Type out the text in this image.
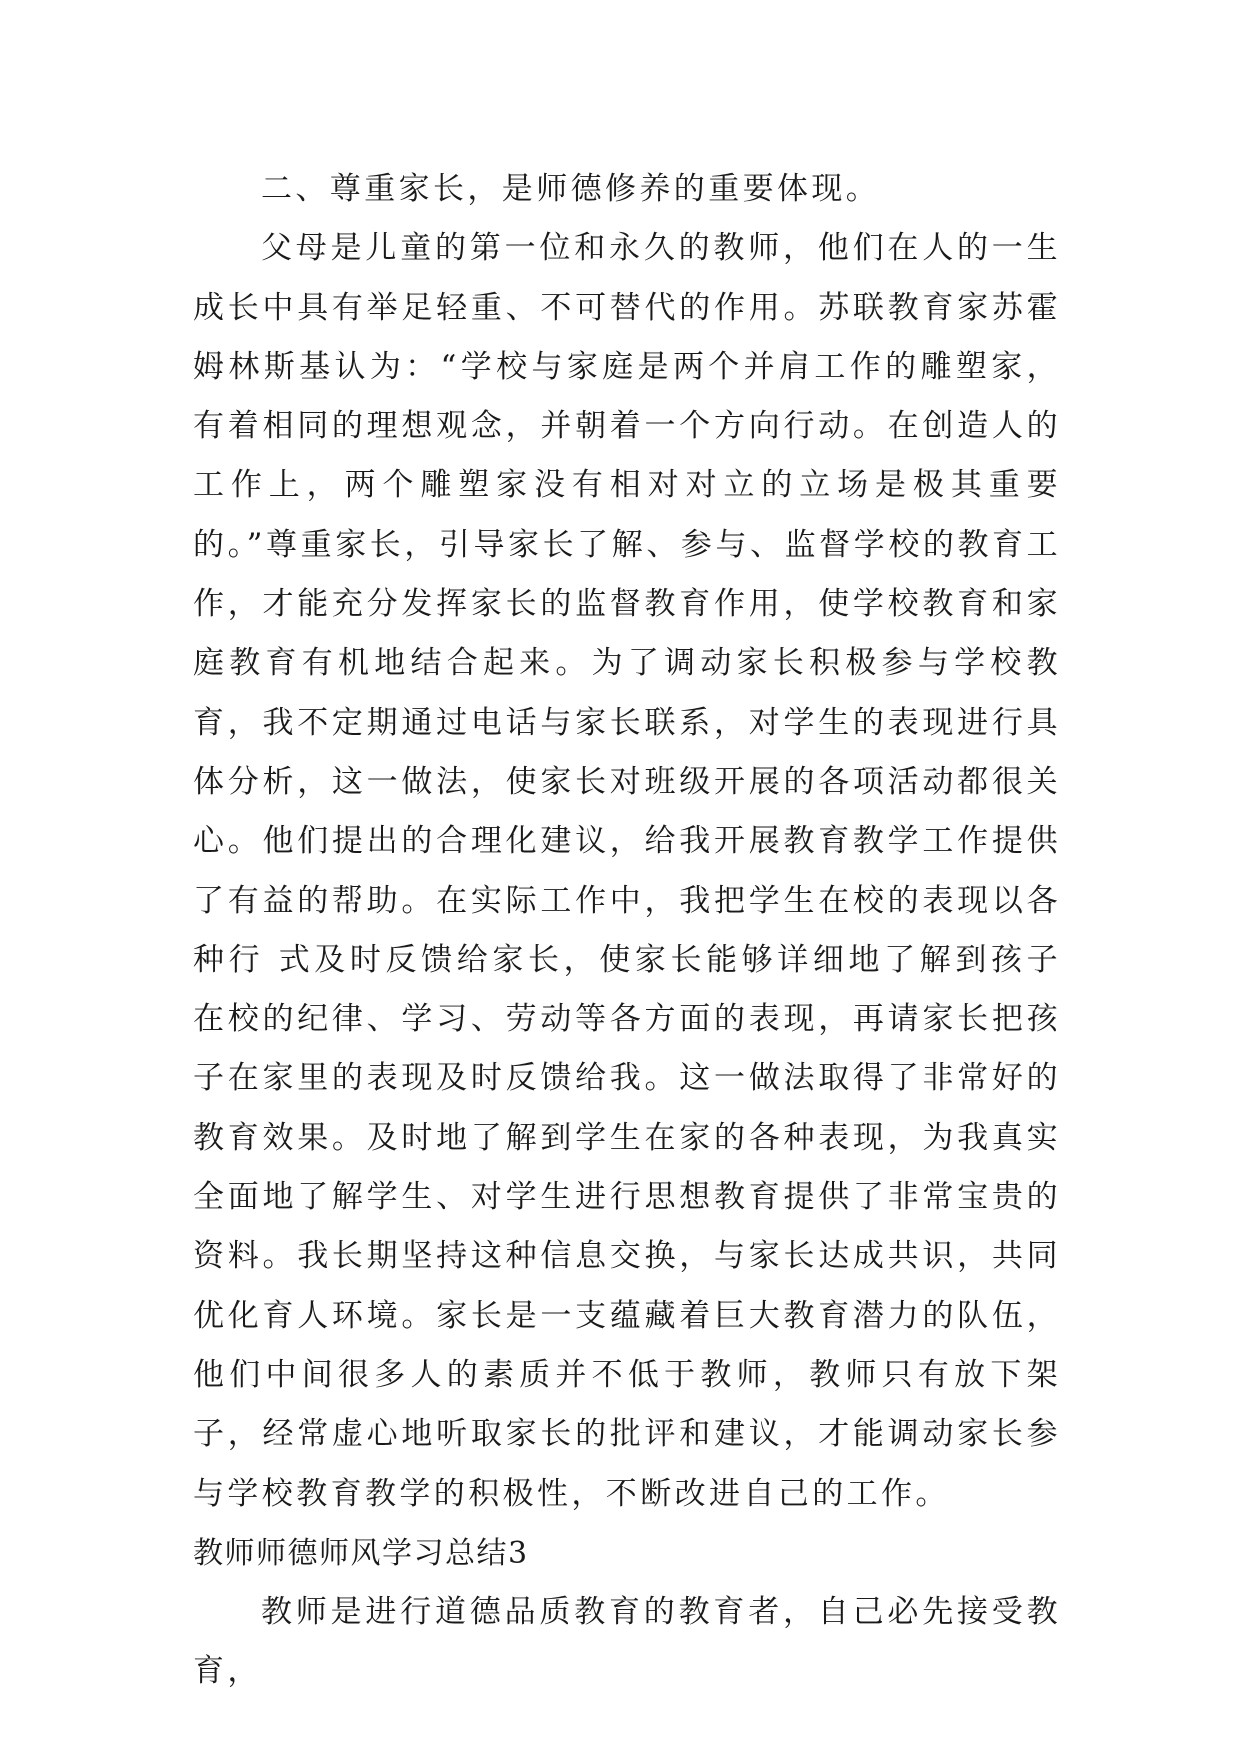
二、尊重家长，是师德修养的重要体现。

父母是儿童的第一位和永久的教师，他们在人的一生成长中具有举足轻重、不可替代的作用。苏联教育家苏霍姆林斯基认为：“学校与家庭是两个并肩工作的雕塑家，有着相同的理想观念，并朝着一个方向行动。在创造人的工作上，两个雕塑家没有相对对立的立场是极其重要的。”尊重家长，引导家长了解、参与、监督学校的教育工作，才能充分发挥家长的监督教育作用，使学校教育和家庭教育有机地结合起来。为了调动家长积极参与学校教育，我不定期通过电话与家长联系，对学生的表现进行具体分析，这一做法，使家长对班级开展的各项活动都很关心。他们提出的合理化建议，给我开展教育教学工作提供了有益的帮助。在实际工作中，我把学生在校的表现以各种行 式及时反馈给家长，使家长能够详细地了解到孩子在校的纪律、学习、劳动等各方面的表现，再请家长把孩子在家里的表现及时反馈给我。这一做法取得了非常好的教育效果。及时地了解到学生在家的各种表现，为我真实全面地了解学生、对学生进行思想教育提供了非常宝贵的资料。我长期坚持这种信息交换，与家长达成共识，共同优化育人环境。家长是一支蕴藏着巨大教育潜力的队伍，他们中间很多人的素质并不低于教师，教师只有放下架子，经常虚心地听取家长的批评和建议，才能调动家长参与学校教育教学的积极性，不断改进自己的工作。

教师师德师风学习总结3

教师是进行道德品质教育的教育者，自己必先接受教育，
